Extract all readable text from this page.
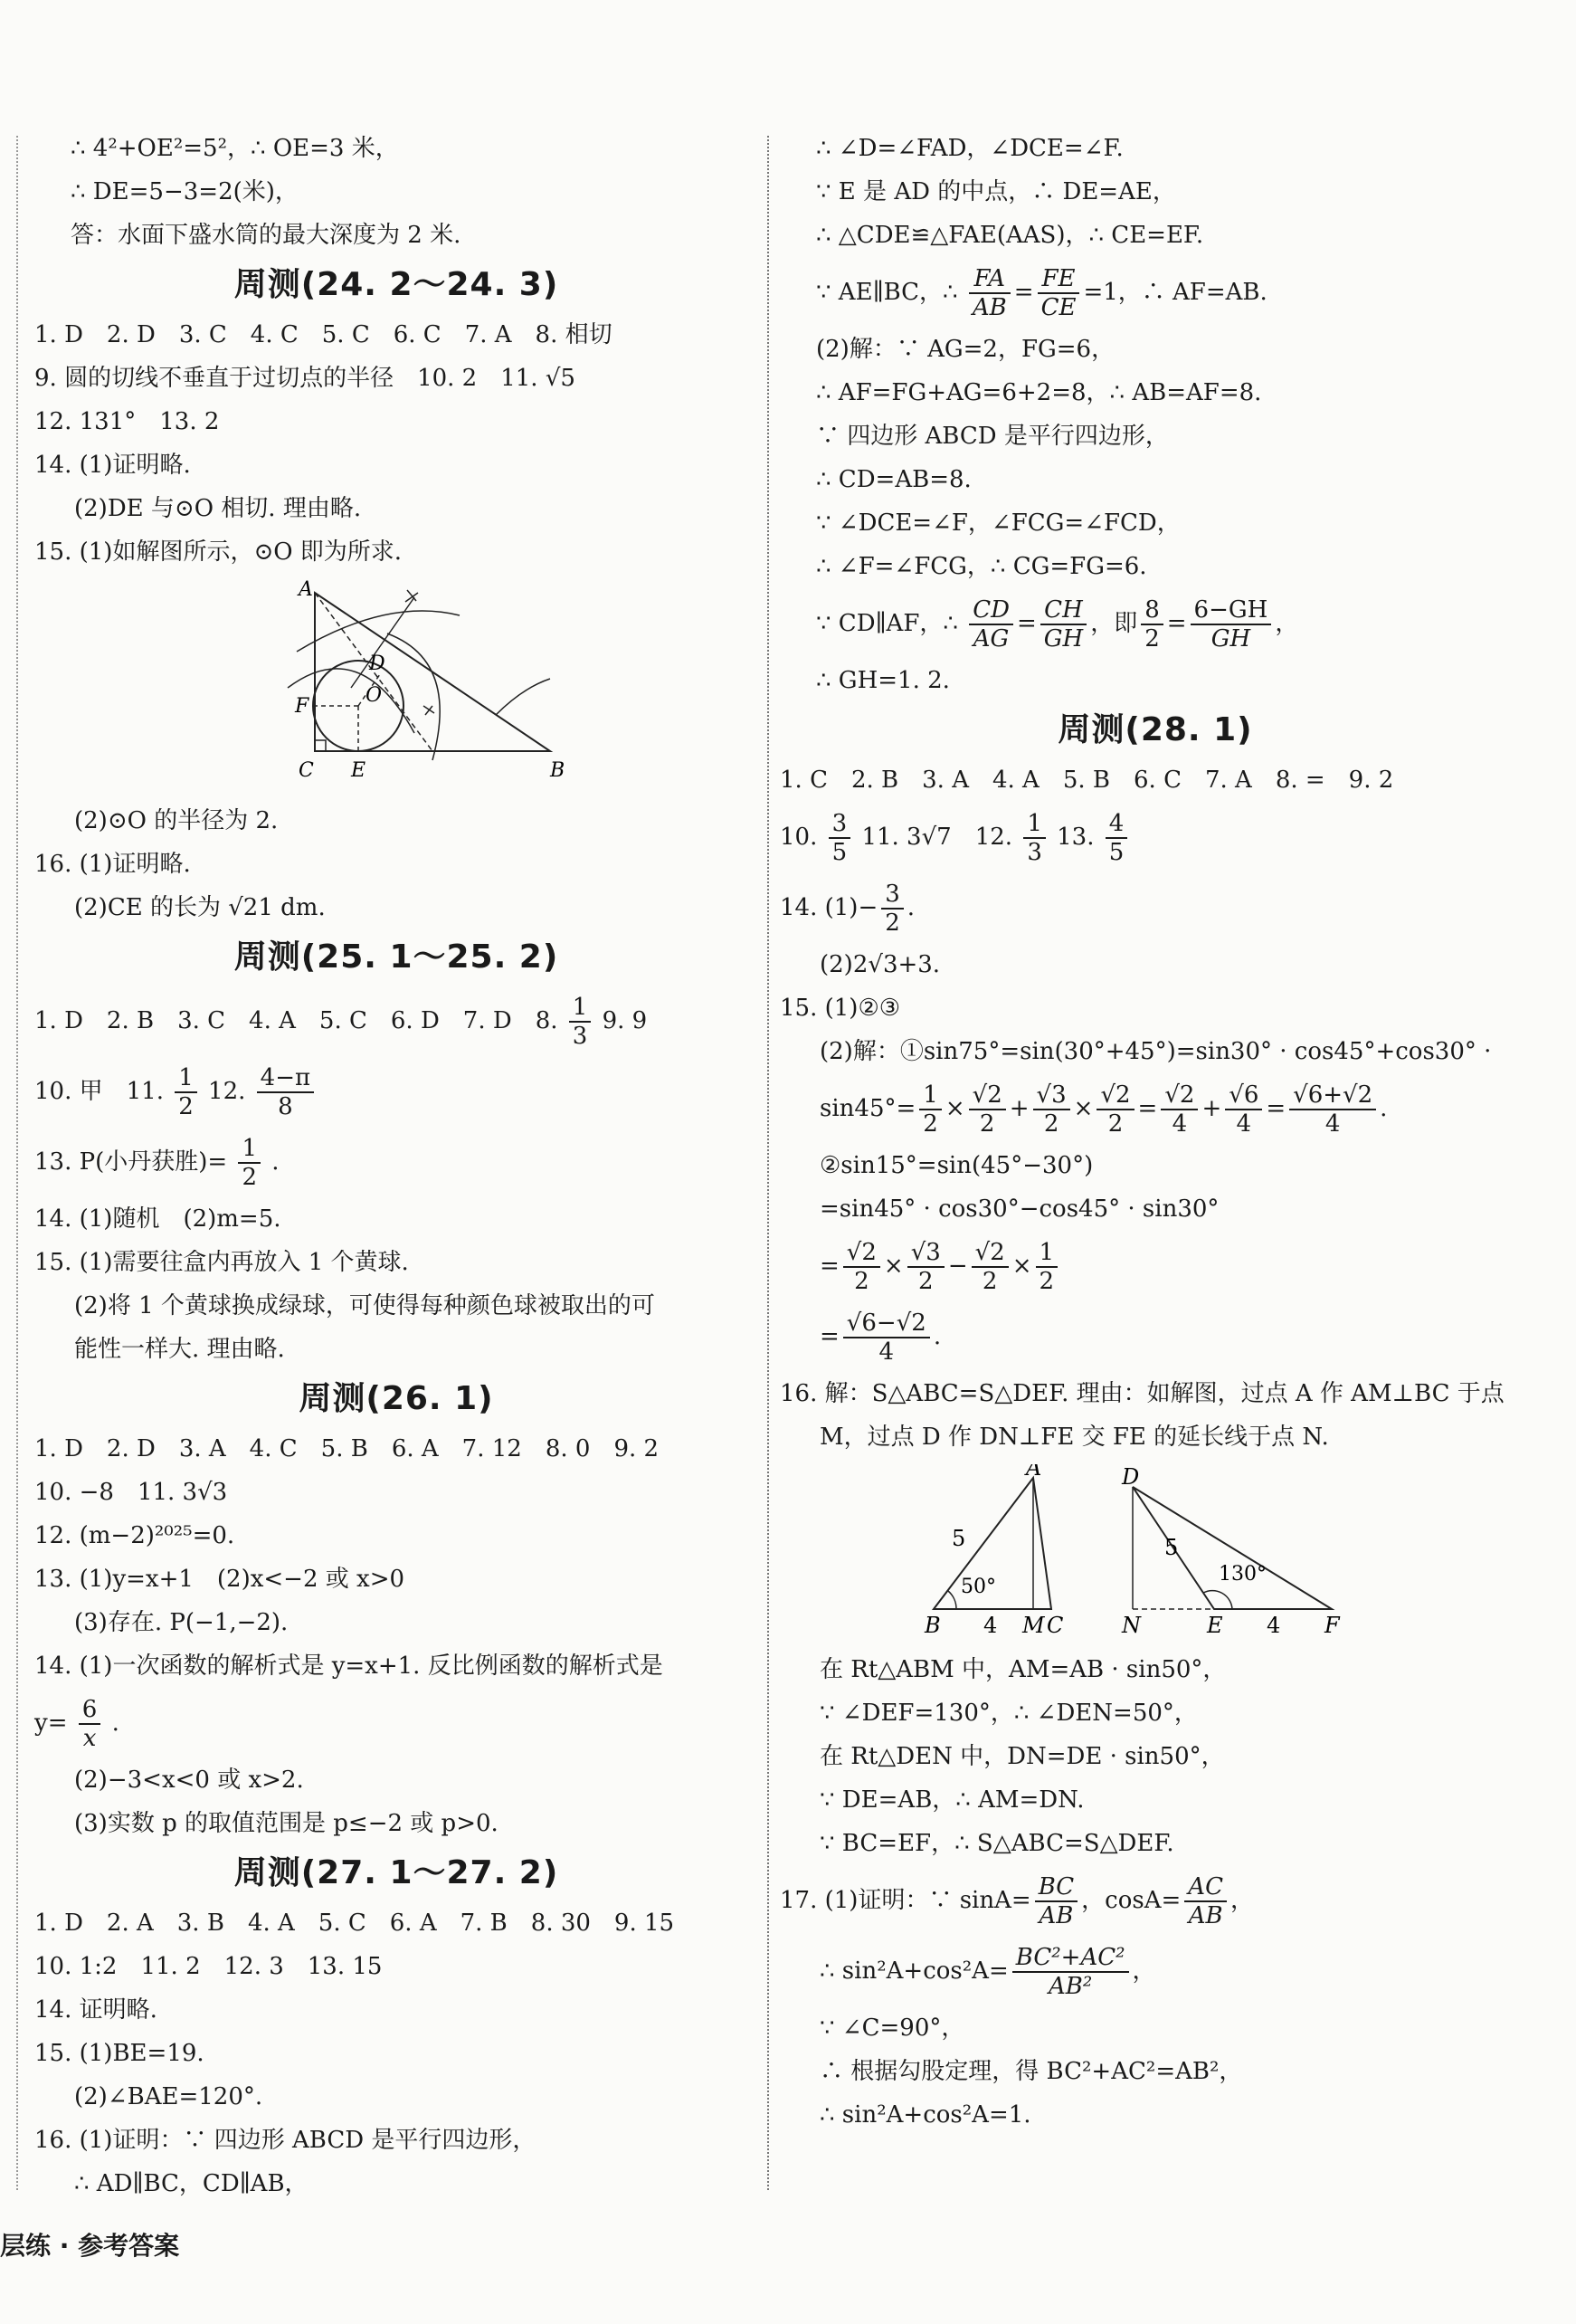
∴ 4²+OE²=5²，∴ OE=3 米，
∴ DE=5−3=2(米)，
答：水面下盛水筒的最大深度为 2 米.
周测(24. 2～24. 3)
1. D　2. D　3. C　4. C　5. C　6. C　7. A　8. 相切
9. 圆的切线不垂直于过切点的半径　10. 2　11. √5
12. 131°　13. 2
14. (1)证明略.
(2)DE 与⊙O 相切. 理由略.
15. (1)如解图所示，⊙O 即为所求.
A
D
F	O
C E	B
(2)⊙O 的半径为 2.
16. (1)证明略.
(2)CE 的长为 √21 dm.
周测(25. 1～25. 2)
1. D　2. B　3. C　4. A　5. C　6. D　7. D　8. $\frac{1}{3} 9$. 9
10. 甲　11. $\frac{1}{2} 12$. $\frac{4-\pi}{8}$
13. P(小丹获胜)= $\frac{1}{2}$ .
14. (1)随机　(2)m=5.
15. (1)需要往盒内再放入 1 个黄球.
(2)将 1 个黄球换成绿球，可使得每种颜色球被取出的可
能性一样大. 理由略.
周测(26. 1)
1. D　2. D　3. A　4. C　5. B　6. A　7. 12　8. 0　9. 2
10. −8　11. 3√3
12. (m−2)²⁰²⁵=0.
13. (1)y=x+1　(2)x<−2 或 x>0
(3)存在. P(−1,−2).
14. (1)一次函数的解析式是 y=x+1. 反比例函数的解析式是
$y= \frac{6}{x}$ .
(2)−3<x<0 或 x>2.
(3)实数 p 的取值范围是 p≤−2 或 p>0.
周测(27. 1～27. 2)
1. D　2. A　3. B　4. A　5. C　6. A　7. B　8. 30　9. 15
10. 1:2　11. 2　12. 3　13. 15
14. 证明略.
15. (1)BE=19.
(2)∠BAE=120°.
16. (1)证明：∵ 四边形 ABCD 是平行四边形，
∴ AD∥BC，CD∥AB，
∴ ∠D=∠FAD，∠DCE=∠F.
∵ E 是 AD 的中点，∴ DE=AE，
∴ △CDE≌△FAE(AAS)，∴ CE=EF.
∵ AE∥BC，∴ $\frac{FA}{AB} = \frac{FE}{CE} =1$，∴ AF=AB.
(2)解：∵ AG=2，FG=6，
∴ AF=FG+AG=6+2=8，∴ AB=AF=8.
∵ 四边形 ABCD 是平行四边形，
∴ CD=AB=8.
∵ ∠DCE=∠F，∠FCG=∠FCD，
∴ ∠F=∠FCG，∴ CG=FG=6.
∵ CD∥AF，∴ $\frac{CD}{AG} = \frac{CH}{GH}$ ，即 $\frac{8}{2} = \frac{6-GH}{GH}$ ，
∴ GH=1. 2.
周测(28. 1)
1. C　2. B　3. A　4. A　5. B　6. C　7. A　8. =　9. 2
10. $\frac{3}{5} 11$. 3√7　12. $\frac{1}{3} 13$. $\frac{4}{5}$
14. $(1)- \frac{3}{2}$ .
(2)2√3+3.
15. (1)②③
(2)解：①sin75°=sin(30°+45°)=sin30° · cos45°+cos30° ·
$\sin 45^\circ= \frac{1}{2} \times \frac{√2}{2} + \frac{√3}{2} \times \frac{√2}{2} = \frac{√2}{4} + \frac{√6}{4} = \frac{√6+√2}{4}$ .
②sin15°=sin(45°−30°)
=sin45° · cos30°−cos45° · sin30°
= $\frac{√2}{2} \times \frac{√3}{2} - \frac{√2}{2} \times \frac{1}{2}$
= $\frac{√6-√2}{4}$ .
16. 解：S△ABC=S△DEF. 理由：如解图，过点 A 作 AM⊥BC 于点
M，过点 D 作 DN⊥FE 交 FE 的延长线于点 N.
A
5
50°
B 4 M C
D
5
130°
N	E 4 F
在 Rt△ABM 中，AM=AB · sin50°，
∵ ∠DEF=130°，∴ ∠DEN=50°，
在 Rt△DEN 中，DN=DE · sin50°，
∵ DE=AB，∴ AM=DN.
∵ BC=EF，∴ S△ABC=S△DEF.
17. (1)证明：∵ $\sin A= \frac{BC}{AB}$ ，$\cos A= \frac{AC}{AB}$ ，
∴ $\sin^2A+\cos^2A= \frac{\text{BC²+AC²}}{\text{AB²}}$ ，
∵ ∠C=90°，
∴ 根据勾股定理，得 BC²+AC²=AB²，
∴ sin²A+cos²A=1.
层练 · 参考答案
